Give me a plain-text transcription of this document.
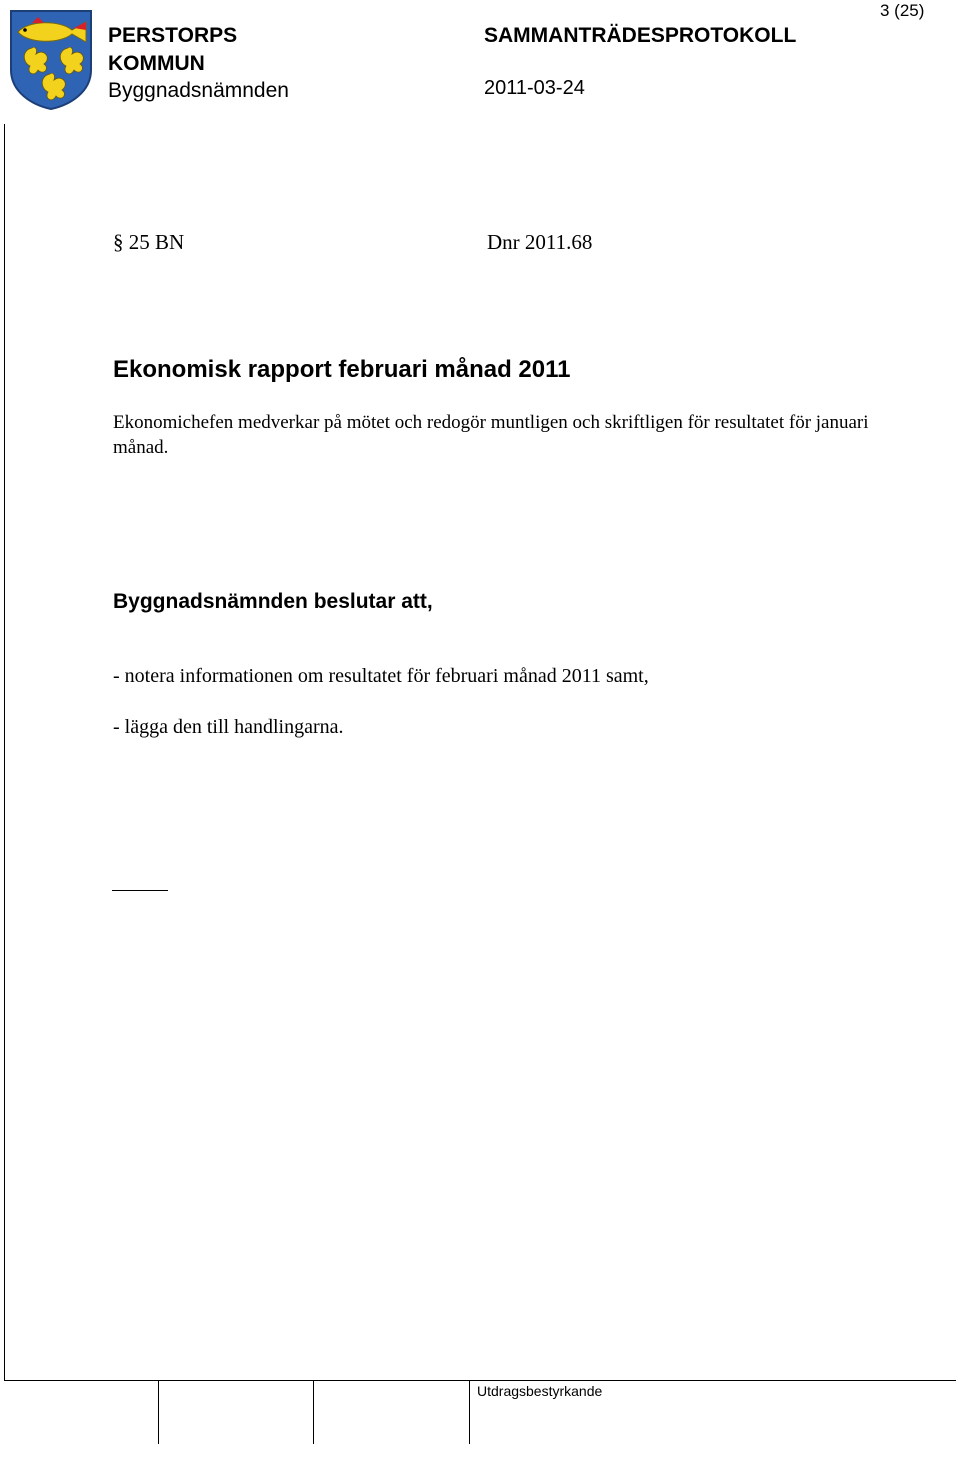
3 (25)
PERSTORPS
KOMMUN
Byggnadsnämnden
SAMMANTRÄDESPROTOKOLL
2011-03-24
§ 25 BN	Dnr 2011.68
Ekonomisk rapport februari månad 2011
Ekonomichefen medverkar på mötet och redogör muntligen och skriftligen för resultatet för januari månad.
Byggnadsnämnden beslutar att,
- notera informationen om resultatet för februari månad 2011 samt,
- lägga den till handlingarna.
Utdragsbestyrkande
